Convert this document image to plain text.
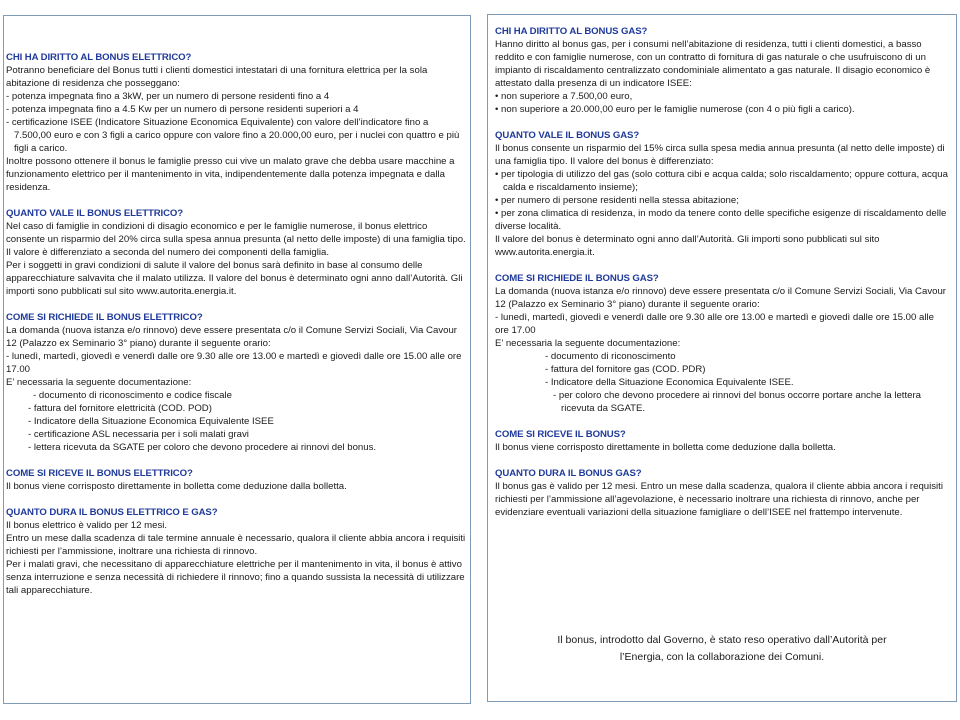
CHI HA DIRITTO AL BONUS ELETTRICO?
Potranno beneficiare del Bonus tutti i clienti domestici intestatari di una fornitura elettrica per la sola abitazione di residenza che posseggano:
- potenza impegnata fino a 3kW, per un numero di persone residenti fino a 4
- potenza impegnata fino a 4.5 Kw per un numero di persone residenti superiori a 4
- certificazione ISEE (Indicatore Situazione Economica Equivalente) con valore dell’indicatore fino a 7.500,00 euro e con 3 figli a carico oppure con valore fino a 20.000,00 euro, per i nuclei con quattro e più figli a carico.
Inoltre possono ottenere il bonus le famiglie presso cui vive un malato grave che debba usare macchine a funzionamento elettrico per il mantenimento in vita, indipendentemente dalla potenza impegnata e dalla residenza.
QUANTO VALE IL BONUS ELETTRICO?
Nel caso di famiglie in condizioni di disagio economico e per le famiglie numerose, il bonus elettrico consente un risparmio del 20% circa sulla spesa annua presunta (al netto delle imposte) di una famiglia tipo.
Il valore è differenziato a seconda del numero dei componenti della famiglia.
Per i soggetti in gravi condizioni di salute il valore del bonus sarà definito in base al consumo delle apparecchiature salvavita che il malato utilizza. Il valore del bonus è determinato ogni anno dall’Autorità. Gli importi sono pubblicati sul sito www.autorita.energia.it.
COME SI RICHIEDE IL BONUS ELETTRICO?
La domanda (nuova istanza e/o rinnovo) deve essere presentata c/o il Comune Servizi Sociali, Via Cavour 12 (Palazzo ex Seminario 3° piano) durante il seguente orario:
- lunedì, martedì, giovedì e venerdì dalle ore 9.30 alle ore 13.00 e martedì e giovedì dalle ore 15.00 alle ore 17.00
E’ necessaria la seguente documentazione:
- documento di riconoscimento e codice fiscale
- fattura del fornitore elettricità (COD. POD)
- Indicatore della Situazione Economica Equivalente ISEE
- certificazione ASL necessaria per i soli malati gravi
- lettera ricevuta da SGATE per coloro che devono procedere ai rinnovi del bonus.
COME SI RICEVE IL BONUS ELETTRICO?
Il bonus viene corrisposto direttamente in bolletta come deduzione dalla bolletta.
QUANTO DURA IL BONUS ELETTRICO E GAS?
Il bonus elettrico è valido per 12 mesi.
Entro un mese dalla scadenza di tale termine annuale è necessario, qualora il cliente abbia ancora i requisiti richiesti per l’ammissione, inoltrare una richiesta di rinnovo.
Per i malati gravi, che necessitano di apparecchiature elettriche per il mantenimento in vita, il bonus è attivo senza interruzione e senza necessità di richiedere il rinnovo; fino a quando sussista la necessità di utilizzare tali apparecchiature.
CHI HA DIRITTO AL BONUS GAS?
Hanno diritto al bonus gas, per i consumi nell’abitazione di residenza, tutti i clienti domestici, a basso reddito e con famiglie numerose, con un contratto di fornitura di gas naturale o che usufruiscono di un impianto di riscaldamento centralizzato condominiale alimentato a gas naturale. Il disagio economico è attestato dalla presenza di un indicatore ISEE:
• non superiore a 7.500,00 euro,
• non superiore a 20.000,00 euro per le famiglie numerose (con 4 o più figli a carico).
QUANTO VALE IL BONUS GAS?
Il bonus consente un risparmio del 15% circa sulla spesa media annua presunta (al netto delle imposte) di una famiglia tipo. Il valore del bonus è differenziato:
• per tipologia di utilizzo del gas (solo cottura cibi e acqua calda; solo riscaldamento; oppure cottura, acqua calda e riscaldamento insieme);
• per numero di persone residenti nella stessa abitazione;
• per zona climatica di residenza, in modo da tenere conto delle specifiche esigenze di riscaldamento delle diverse località.
Il valore del bonus è determinato ogni anno dall’Autorità. Gli importi sono pubblicati sul sito www.autorita.energia.it.
COME SI RICHIEDE IL BONUS GAS?
La domanda (nuova istanza e/o rinnovo) deve essere presentata c/o il Comune Servizi Sociali, Via Cavour 12 (Palazzo ex Seminario 3° piano) durante il seguente orario:
- lunedì, martedì, giovedì e venerdì dalle ore 9.30 alle ore 13.00 e martedì e giovedì dalle ore 15.00 alle ore 17.00
E’ necessaria la seguente documentazione:
- documento di riconoscimento
- fattura del fornitore gas (COD. PDR)
- Indicatore della Situazione Economica Equivalente ISEE.
- per coloro che devono procedere ai rinnovi del bonus occorre portare anche la lettera ricevuta da SGATE.
COME SI RICEVE IL BONUS?
Il bonus viene corrisposto direttamente in bolletta come deduzione dalla bolletta.
QUANTO DURA IL BONUS GAS?
Il bonus gas è valido per 12 mesi. Entro un mese dalla scadenza, qualora il cliente abbia ancora i requisiti richiesti per l’ammissione all’agevolazione, è necessario inoltrare una richiesta di rinnovo, anche per evidenziare eventuali variazioni della situazione famigliare o dell’ISEE nel frattempo intervenute.
Il bonus, introdotto dal Governo, è stato reso operativo dall’Autorità per l’Energia, con la collaborazione dei Comuni.
